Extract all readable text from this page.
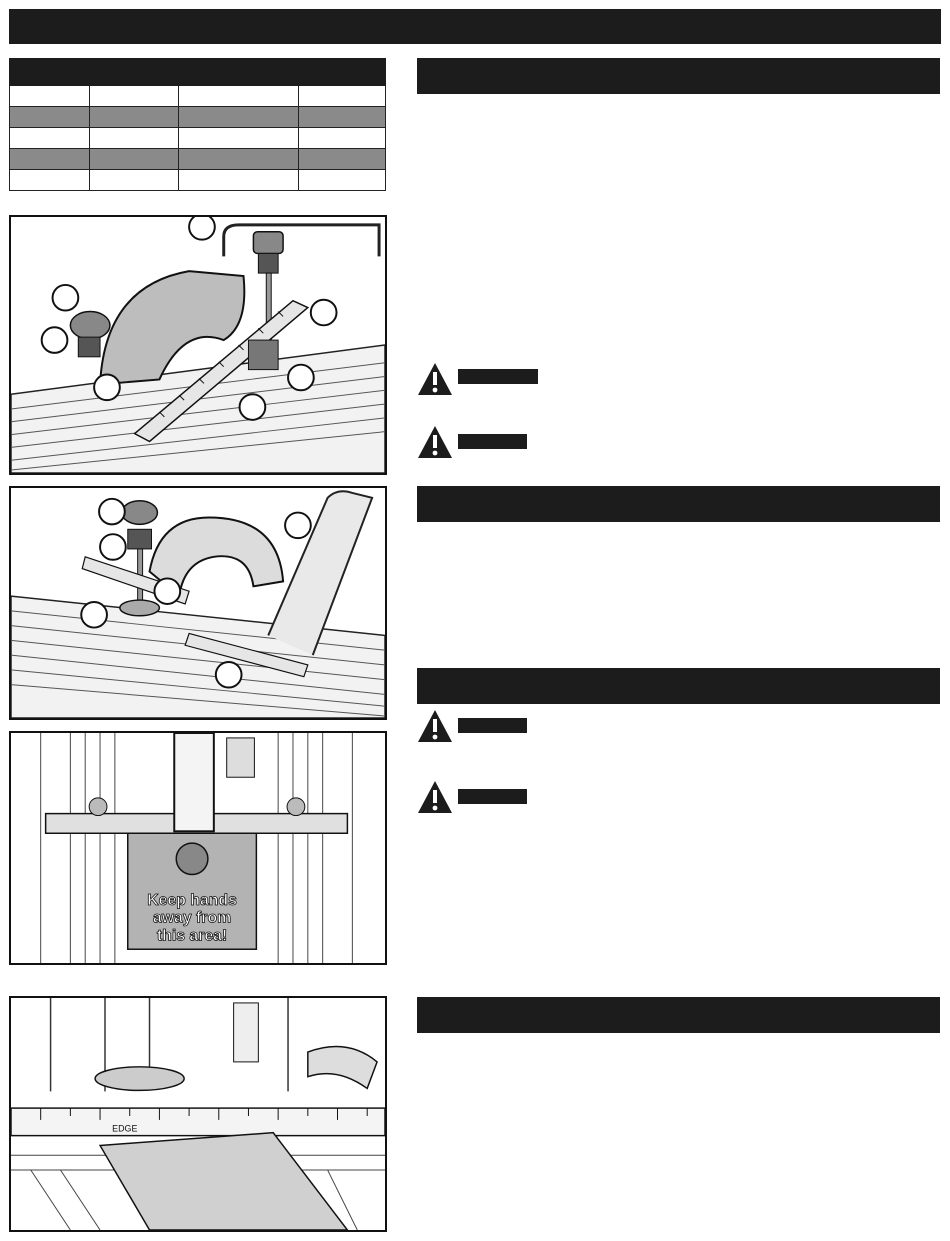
Keep hands
away from
this area!
EDGE
